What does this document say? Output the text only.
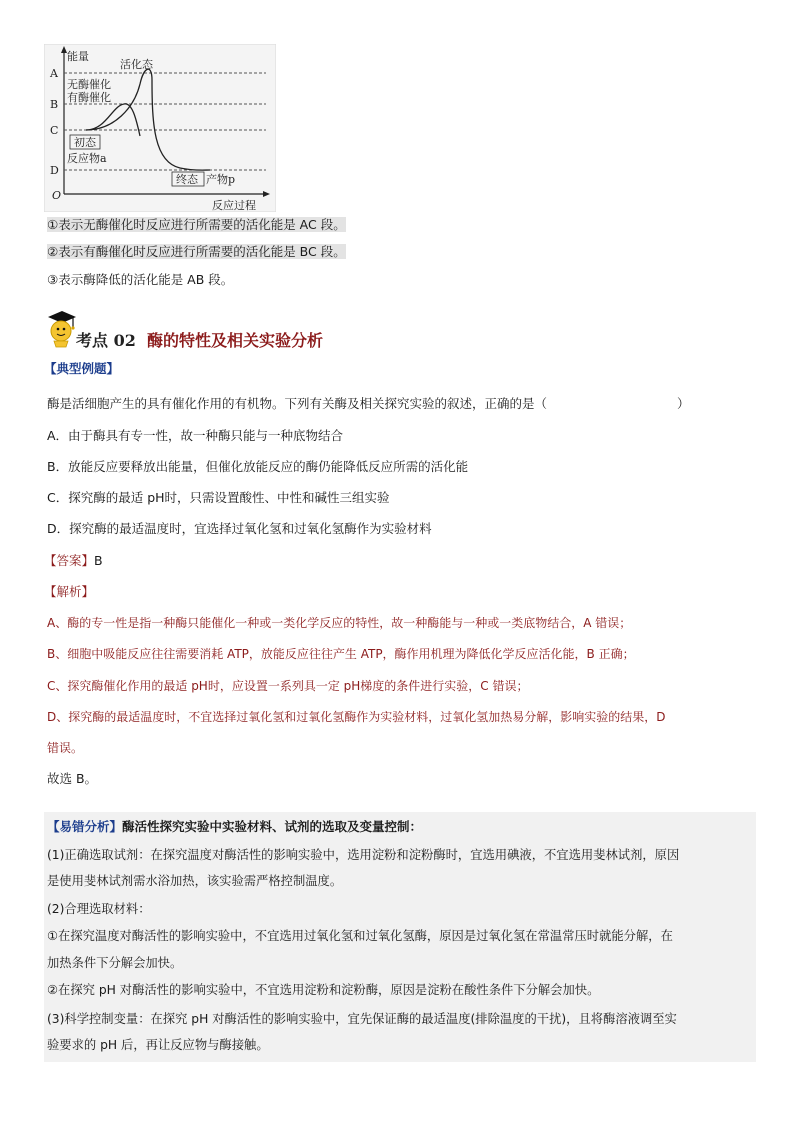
能量
A
B
C
D
O
活化态
无酶催化
有酶催化
初态
反应物a
终态 产物p
反应过程
①表示无酶催化时反应进行所需要的活化能是 AC 段。
②表示有酶催化时反应进行所需要的活化能是 BC 段。
③表示酶降低的活化能是 AB 段。
考点 02 酶的特性及相关实验分析
【典型例题】
酶是活细胞产生的具有催化作用的有机物。下列有关酶及相关探究实验的叙述，正确的是（	）
A．由于酶具有专一性，故一种酶只能与一种底物结合
B．放能反应要释放出能量，但催化放能反应的酶仍能降低反应所需的活化能
C．探究酶的最适 pH时，只需设置酸性、中性和碱性三组实验
D．探究酶的最适温度时，宜选择过氧化氢和过氧化氢酶作为实验材料
【答案】B
【解析】
A、酶的专一性是指一种酶只能催化一种或一类化学反应的特性，故一种酶能与一种或一类底物结合，A 错误；
B、细胞中吸能反应往往需要消耗 ATP，放能反应往往产生 ATP，酶作用机理为降低化学反应活化能，B 正确；
C、探究酶催化作用的最适 pH时，应设置一系列具一定 pH梯度的条件进行实验，C 错误；
D、探究酶的最适温度时，不宜选择过氧化氢和过氧化氢酶作为实验材料，过氧化氢加热易分解，影响实验的结果，D
错误。
故选 B。
【易错分析】酶活性探究实验中实验材料、试剂的选取及变量控制：
(1)正确选取试剂：在探究温度对酶活性的影响实验中，选用淀粉和淀粉酶时，宜选用碘液，不宜选用斐林试剂，原因
是使用斐林试剂需水浴加热，该实验需严格控制温度。
(2)合理选取材料：
①在探究温度对酶活性的影响实验中，不宜选用过氧化氢和过氧化氢酶，原因是过氧化氢在常温常压时就能分解，在
加热条件下分解会加快。
②在探究 pH 对酶活性的影响实验中，不宜选用淀粉和淀粉酶，原因是淀粉在酸性条件下分解会加快。
(3)科学控制变量：在探究 pH 对酶活性的影响实验中，宜先保证酶的最适温度(排除温度的干扰)，且将酶溶液调至实
验要求的 pH 后，再让反应物与酶接触。
